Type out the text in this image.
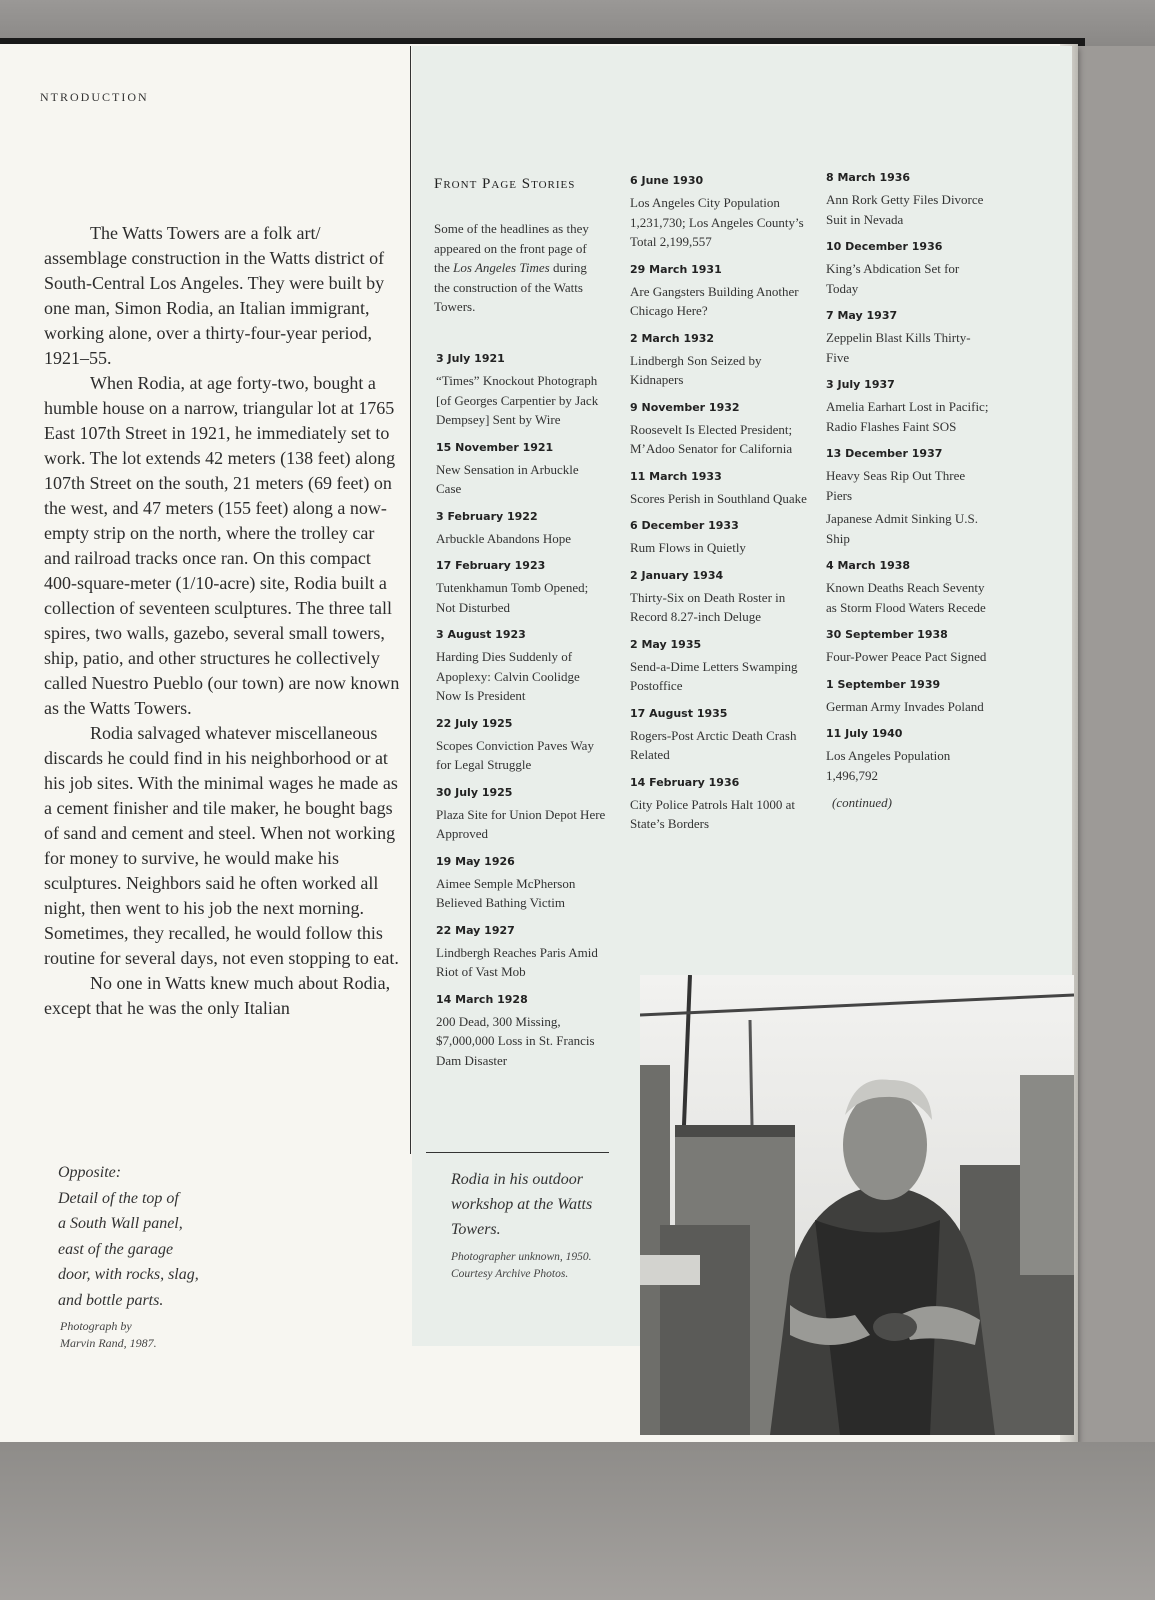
NTRODUCTION

The Watts Towers are a folk art/ assemblage construction in the Watts district of South-Central Los Angeles. They were built by one man, Simon Rodia, an Italian immigrant, working alone, over a thirty-four-year period, 1921–55.

When Rodia, at age forty-two, bought a humble house on a narrow, triangular lot at 1765 East 107th Street in 1921, he immediately set to work. The lot extends 42 meters (138 feet) along 107th Street on the south, 21 meters (69 feet) on the west, and 47 meters (155 feet) along a now-empty strip on the north, where the trolley car and railroad tracks once ran. On this compact 400-square-meter (1/10-acre) site, Rodia built a collection of seventeen sculptures. The three tall spires, two walls, gazebo, several small towers, ship, patio, and other structures he collectively called Nuestro Pueblo (our town) are now known as the Watts Towers.

Rodia salvaged whatever miscellaneous discards he could find in his neighborhood or at his job sites. With the minimal wages he made as a cement finisher and tile maker, he bought bags of sand and cement and steel. When not working for money to survive, he would make his sculptures. Neighbors said he often worked all night, then went to his job the next morning. Sometimes, they recalled, he would follow this routine for several days, not even stopping to eat.

No one in Watts knew much about Rodia, except that he was the only Italian

Opposite:
Detail of the top of
a South Wall panel,
east of the garage
door, with rocks, slag,
and bottle parts.
Photograph by
Marvin Rand, 1987.
Front Page Stories
Some of the headlines as they appeared on the front page of the Los Angeles Times during the construction of the Watts Towers.
3 July 1921
“Times” Knockout Photograph [of Georges Carpentier by Jack Dempsey] Sent by Wire
15 November 1921
New Sensation in Arbuckle Case
3 February 1922
Arbuckle Abandons Hope
17 February 1923
Tutenkhamun Tomb Opened; Not Disturbed
3 August 1923
Harding Dies Suddenly of Apoplexy: Calvin Coolidge Now Is President
22 July 1925
Scopes Conviction Paves Way for Legal Struggle
30 July 1925
Plaza Site for Union Depot Here Approved
19 May 1926
Aimee Semple McPherson Believed Bathing Victim
22 May 1927
Lindbergh Reaches Paris Amid Riot of Vast Mob
14 March 1928
200 Dead, 300 Missing, $7,000,000 Loss in St. Francis Dam Disaster
6 June 1930
Los Angeles City Population 1,231,730; Los Angeles County’s Total 2,199,557
29 March 1931
Are Gangsters Building Another Chicago Here?
2 March 1932
Lindbergh Son Seized by Kidnapers
9 November 1932
Roosevelt Is Elected President; M’Adoo Senator for California
11 March 1933
Scores Perish in Southland Quake
6 December 1933
Rum Flows in Quietly
2 January 1934
Thirty-Six on Death Roster in Record 8.27-inch Deluge
2 May 1935
Send-a-Dime Letters Swamping Postoffice
17 August 1935
Rogers-Post Arctic Death Crash Related
14 February 1936
City Police Patrols Halt 1000 at State’s Borders
8 March 1936
Ann Rork Getty Files Divorce Suit in Nevada
10 December 1936
King’s Abdication Set for Today
7 May 1937
Zeppelin Blast Kills Thirty-Five
3 July 1937
Amelia Earhart Lost in Pacific; Radio Flashes Faint SOS
13 December 1937
Heavy Seas Rip Out Three Piers
Japanese Admit Sinking U.S. Ship
4 March 1938
Known Deaths Reach Seventy as Storm Flood Waters Recede
30 September 1938
Four-Power Peace Pact Signed
1 September 1939
German Army Invades Poland
11 July 1940
Los Angeles Population 1,496,792
(continued)
Rodia in his outdoor workshop at the Watts Towers.
Photographer unknown, 1950.
Courtesy Archive Photos.
